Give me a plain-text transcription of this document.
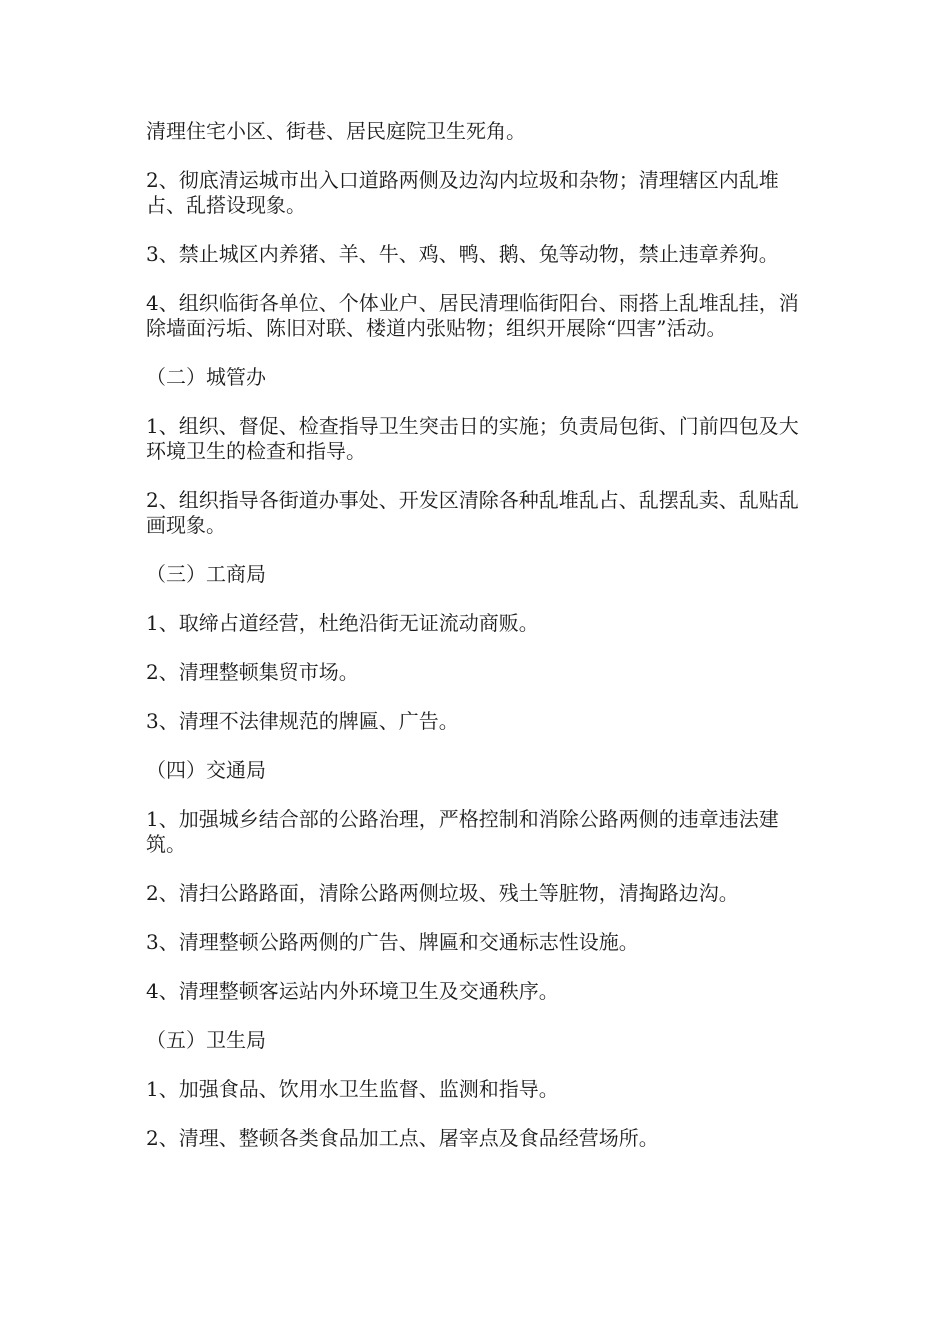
清理住宅小区、街巷、居民庭院卫生死角。

2、彻底清运城市出入口道路两侧及边沟内垃圾和杂物；清理辖区内乱堆占、乱搭设现象。

3、禁止城区内养猪、羊、牛、鸡、鸭、鹅、兔等动物，禁止违章养狗。

4、组织临街各单位、个体业户、居民清理临街阳台、雨搭上乱堆乱挂，消除墙面污垢、陈旧对联、楼道内张贴物；组织开展除“四害”活动。

（二）城管办

1、组织、督促、检查指导卫生突击日的实施；负责局包街、门前四包及大环境卫生的检查和指导。

2、组织指导各街道办事处、开发区清除各种乱堆乱占、乱摆乱卖、乱贴乱画现象。

（三）工商局

1、取缔占道经营，杜绝沿街无证流动商贩。

2、清理整顿集贸市场。

3、清理不法律规范的牌匾、广告。

（四）交通局

1、加强城乡结合部的公路治理，严格控制和消除公路两侧的违章违法建筑。

2、清扫公路路面，清除公路两侧垃圾、残土等脏物，清掏路边沟。

3、清理整顿公路两侧的广告、牌匾和交通标志性设施。

4、清理整顿客运站内外环境卫生及交通秩序。

（五）卫生局

1、加强食品、饮用水卫生监督、监测和指导。

2、清理、整顿各类食品加工点、屠宰点及食品经营场所。
